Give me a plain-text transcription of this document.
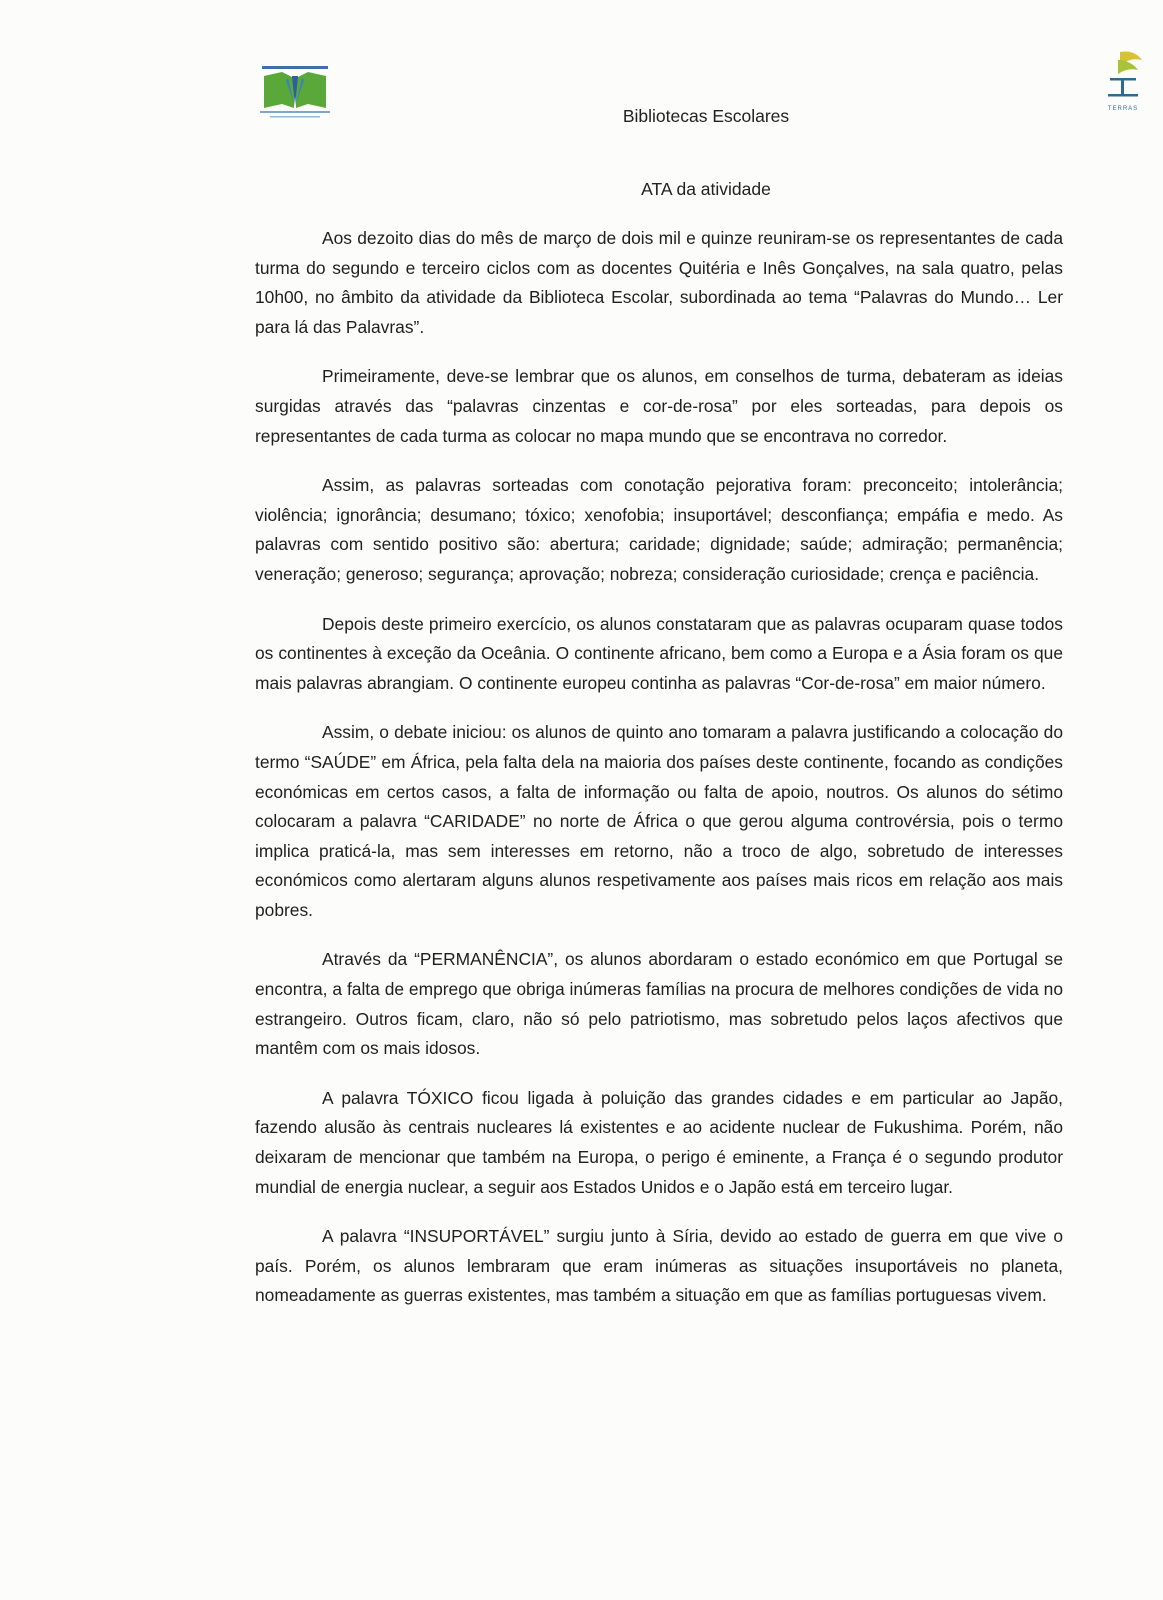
TERRAS
Bibliotecas Escolares
ATA da atividade

Aos dezoito dias do mês de março de dois mil e quinze reuniram-se os representantes de cada turma do segundo e terceiro ciclos com as docentes Quitéria e Inês Gonçalves, na sala quatro, pelas 10h00, no âmbito da atividade da Biblioteca Escolar, subordinada ao tema “Palavras do Mundo… Ler para lá das Palavras”.

Primeiramente, deve-se lembrar que os alunos, em conselhos de turma, debateram as ideias surgidas através das “palavras cinzentas e cor-de-rosa” por eles sorteadas, para depois os representantes de cada turma as colocar no mapa mundo que se encontrava no corredor.

Assim, as palavras sorteadas com conotação pejorativa foram: preconceito; intolerância; violência; ignorância; desumano; tóxico; xenofobia; insuportável; desconfiança; empáfia e medo. As palavras com sentido positivo são: abertura; caridade; dignidade; saúde; admiração; permanência; veneração; generoso; segurança; aprovação; nobreza; consideração curiosidade; crença e paciência.

Depois deste primeiro exercício, os alunos constataram que as palavras ocuparam quase todos os continentes à exceção da Oceânia. O continente africano, bem como a Europa e a Ásia foram os que mais palavras abrangiam. O continente europeu continha as palavras “Cor-de-rosa” em maior número.

Assim, o debate iniciou: os alunos de quinto ano tomaram a palavra justificando a colocação do termo “SAÚDE” em África, pela falta dela na maioria dos países deste continente, focando as condições económicas em certos casos, a falta de informação ou falta de apoio, noutros. Os alunos do sétimo colocaram a palavra “CARIDADE” no norte de África o que gerou alguma controvérsia, pois o termo implica praticá-la, mas sem interesses em retorno, não a troco de algo, sobretudo de interesses económicos como alertaram alguns alunos respetivamente aos países mais ricos em relação aos mais pobres.

Através da “PERMANÊNCIA”, os alunos abordaram o estado económico em que Portugal se encontra, a falta de emprego que obriga inúmeras famílias na procura de melhores condições de vida no estrangeiro. Outros ficam, claro, não só pelo patriotismo, mas sobretudo pelos laços afectivos que mantêm com os mais idosos.

A palavra TÓXICO ficou ligada à poluição das grandes cidades e em particular ao Japão, fazendo alusão às centrais nucleares lá existentes e ao acidente nuclear de Fukushima. Porém, não deixaram de mencionar que também na Europa, o perigo é eminente, a França é o segundo produtor mundial de energia nuclear, a seguir aos Estados Unidos e o Japão está em terceiro lugar.

A palavra “INSUPORTÁVEL” surgiu junto à Síria, devido ao estado de guerra em que vive o país. Porém, os alunos lembraram que eram inúmeras as situações insuportáveis no planeta, nomeadamente as guerras existentes, mas também a situação em que as famílias portuguesas vivem.
